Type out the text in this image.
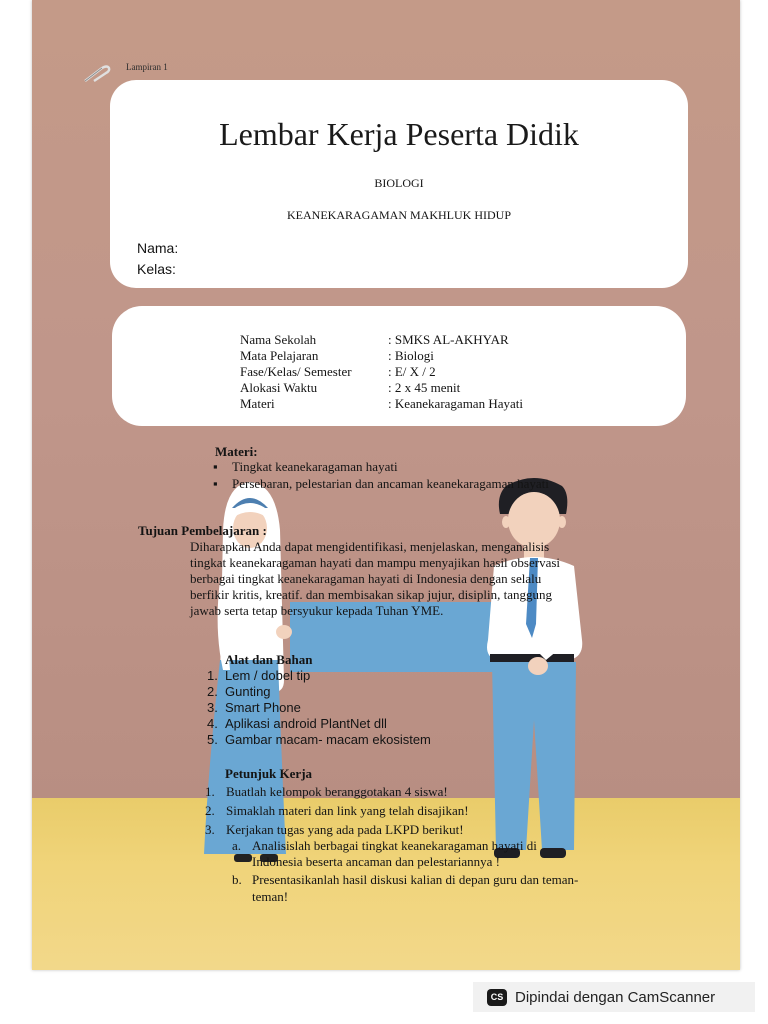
Lampiran 1
Lembar Kerja Peserta Didik
BIOLOGI
KEANEKARAGAMAN MAKHLUK HIDUP
Nama:
Kelas:
Nama Sekolah	: SMKS AL-AKHYAR
Mata Pelajaran	: Biologi
Fase/Kelas/ Semester	: E/ X / 2
Alokasi Waktu	: 2 x 45 menit
Materi	: Keanekaragaman Hayati
Materi:
▪ Tingkat keanekaragaman hayati
▪ Persebaran, pelestarian dan ancaman keanekaragaman hayati
Tujuan Pembelajaran :
Diharapkan Anda dapat mengidentifikasi, menjelaskan, menganalisis
tingkat keanekaragaman hayati dan mampu menyajikan hasil observasi
berbagai tingkat keanekaragaman hayati di Indonesia dengan selalu
berfikir kritis, kreatif. dan membisakan sikap jujur, disiplin, tanggung
jawab serta tetap bersyukur kepada Tuhan YME.
Alat dan Bahan
1. Lem / dobel tip
2. Gunting
3. Smart Phone
4. Aplikasi android PlantNet dll
5. Gambar macam- macam ekosistem
Petunjuk Kerja
1. Buatlah kelompok beranggotakan 4 siswa!
2. Simaklah materi dan link yang telah disajikan!
3. Kerjakan tugas yang ada pada LKPD berikut!
a. Analisislah berbagai tingkat keanekaragaman hayati di
Indonesia beserta ancaman dan pelestariannya !
b. Presentasikanlah hasil diskusi kalian di depan guru dan teman-
teman!
CS Dipindai dengan CamScanner
